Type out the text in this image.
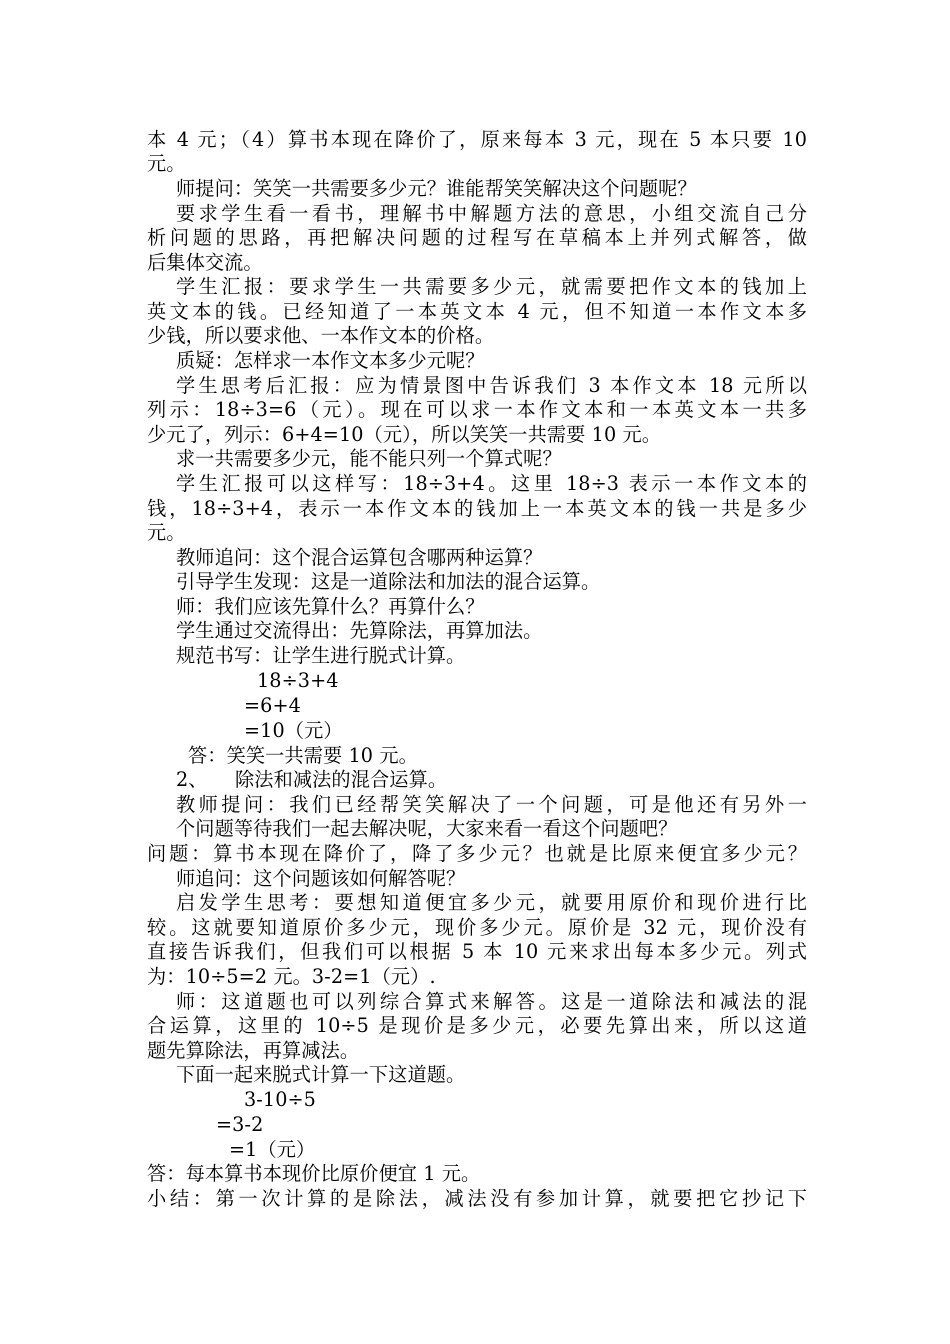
本 4 元；（4）算书本现在降价了，原来每本 3 元，现在 5 本只要 10
元。
师提问：笑笑一共需要多少元？谁能帮笑笑解决这个问题呢？
要求学生看一看书，理解书中解题方法的意思，小组交流自己分
析问题的思路，再把解决问题的过程写在草稿本上并列式解答，做
后集体交流。
学生汇报：要求学生一共需要多少元，就需要把作文本的钱加上
英文本的钱。已经知道了一本英文本 4 元，但不知道一本作文本多
少钱，所以要求他、一本作文本的价格。
质疑：怎样求一本作文本多少元呢？
学生思考后汇报：应为情景图中告诉我们 3 本作文本 18 元所以
列示：18÷3=6（元）。现在可以求一本作文本和一本英文本一共多
少元了，列示：6+4=10（元），所以笑笑一共需要 10 元。
求一共需要多少元，能不能只列一个算式呢？
学生汇报可以这样写：18÷3+4。这里 18÷3 表示一本作文本的
钱，18÷3+4，表示一本作文本的钱加上一本英文本的钱一共是多少
元。
教师追问：这个混合运算包含哪两种运算？
引导学生发现：这是一道除法和加法的混合运算。
师：我们应该先算什么？再算什么？
学生通过交流得出：先算除法，再算加法。
规范书写：让学生进行脱式计算。
18÷3+4
=6+4
=10（元）
答：笑笑一共需要 10 元。
2、	除法和减法的混合运算。
教师提问：我们已经帮笑笑解决了一个问题，可是他还有另外一
个问题等待我们一起去解决呢，大家来看一看这个问题吧？
问题：算书本现在降价了，降了多少元？也就是比原来便宜多少元？
师追问：这个问题该如何解答呢？
启发学生思考：要想知道便宜多少元，就要用原价和现价进行比
较。这就要知道原价多少元，现价多少元。原价是 32 元，现价没有
直接告诉我们，但我们可以根据 5 本 10 元来求出每本多少元。列式
为：10÷5=2 元。3-2=1（元）.
师：这道题也可以列综合算式来解答。这是一道除法和减法的混
合运算，这里的 10÷5 是现价是多少元，必要先算出来，所以这道
题先算除法，再算减法。
下面一起来脱式计算一下这道题。
3-10÷5
=3-2
=1（元）
答：每本算书本现价比原价便宜 1 元。
小结：第一次计算的是除法，减法没有参加计算，就要把它抄记下
